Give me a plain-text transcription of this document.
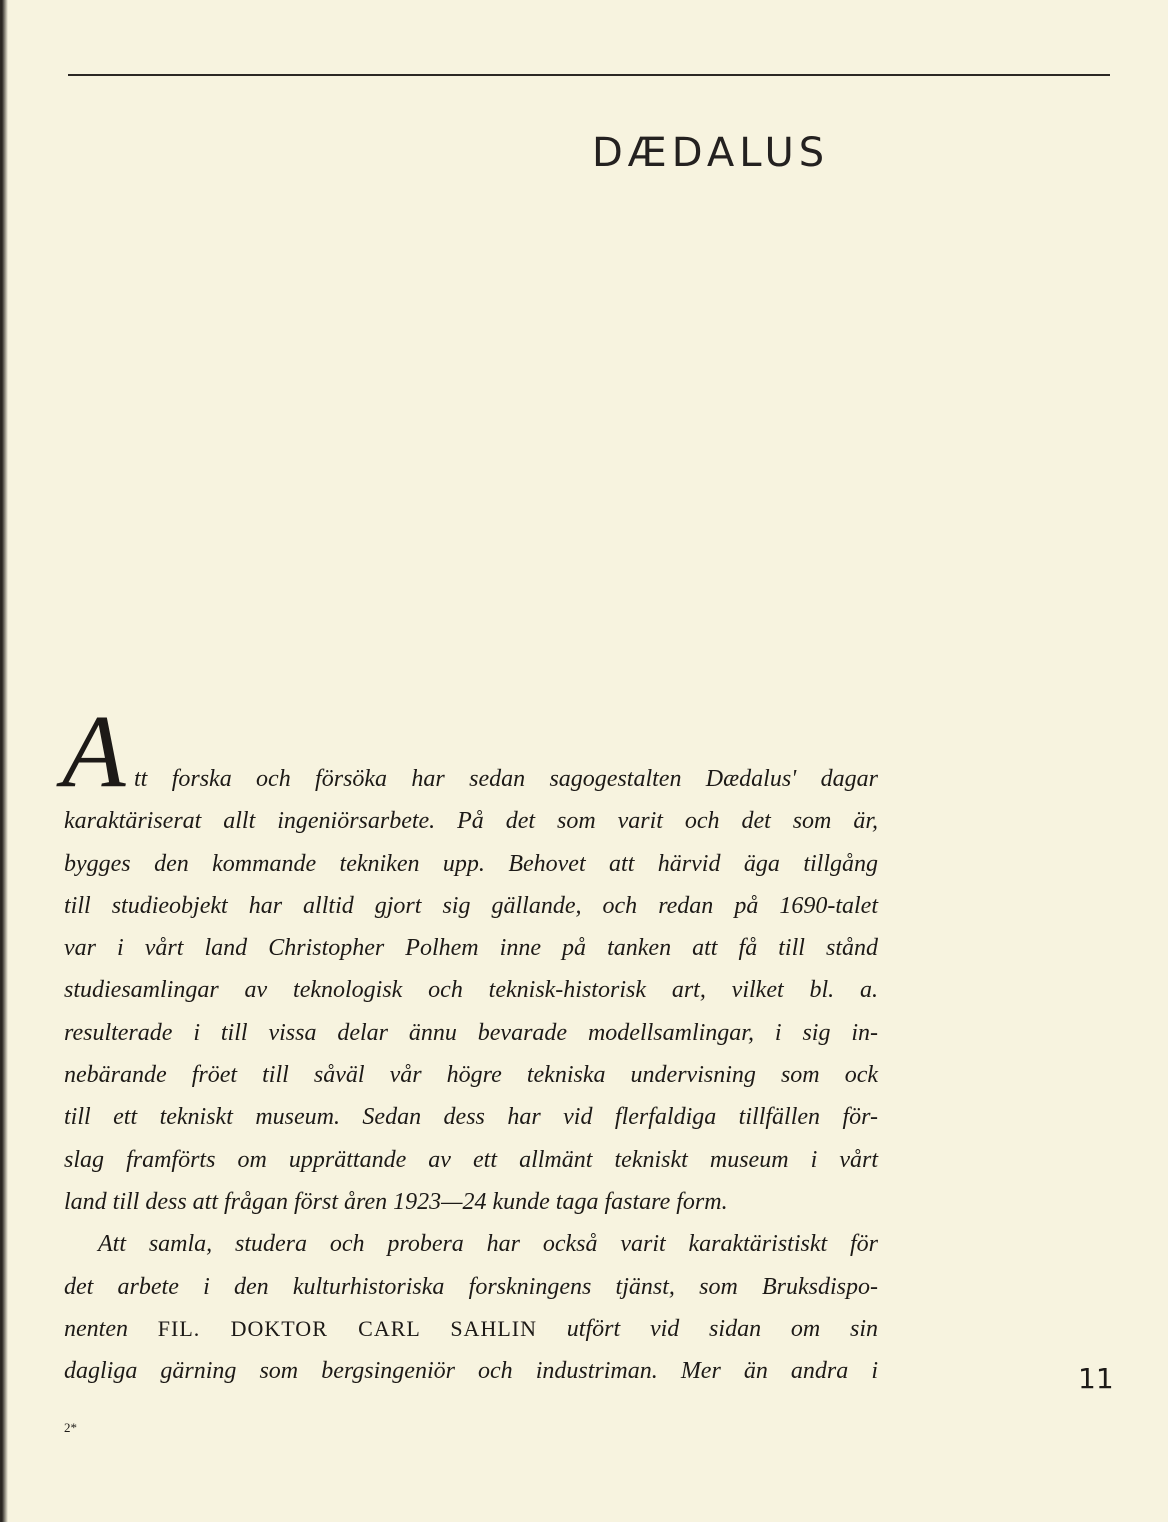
DÆDALUS
A tt forska och försöka har sedan sagogestalten Dædalus' dagar
karaktäriserat allt ingeniörsarbete. På det som varit och det som är,
bygges den kommande tekniken upp. Behovet att härvid äga tillgång
till studieobjekt har alltid gjort sig gällande, och redan på 1690-talet
var i vårt land Christopher Polhem inne på tanken att få till stånd
studiesamlingar av teknologisk och teknisk-historisk art, vilket bl. a.
resulterade i till vissa delar ännu bevarade modellsamlingar, i sig in-
nebärande fröet till såväl vår högre tekniska undervisning som ock
till ett tekniskt museum. Sedan dess har vid flerfaldiga tillfällen för-
slag framförts om upprättande av ett allmänt tekniskt museum i vårt
land till dess att frågan först åren 1923—24 kunde taga fastare form.
Att samla, studera och probera har också varit karaktäristiskt för
det arbete i den kulturhistoriska forskningens tjänst, som Bruksdispo-
nenten FIL. DOKTOR CARL SAHLIN utfört vid sidan om sin
dagliga gärning som bergsingeniör och industriman. Mer än andra i	11
2*
